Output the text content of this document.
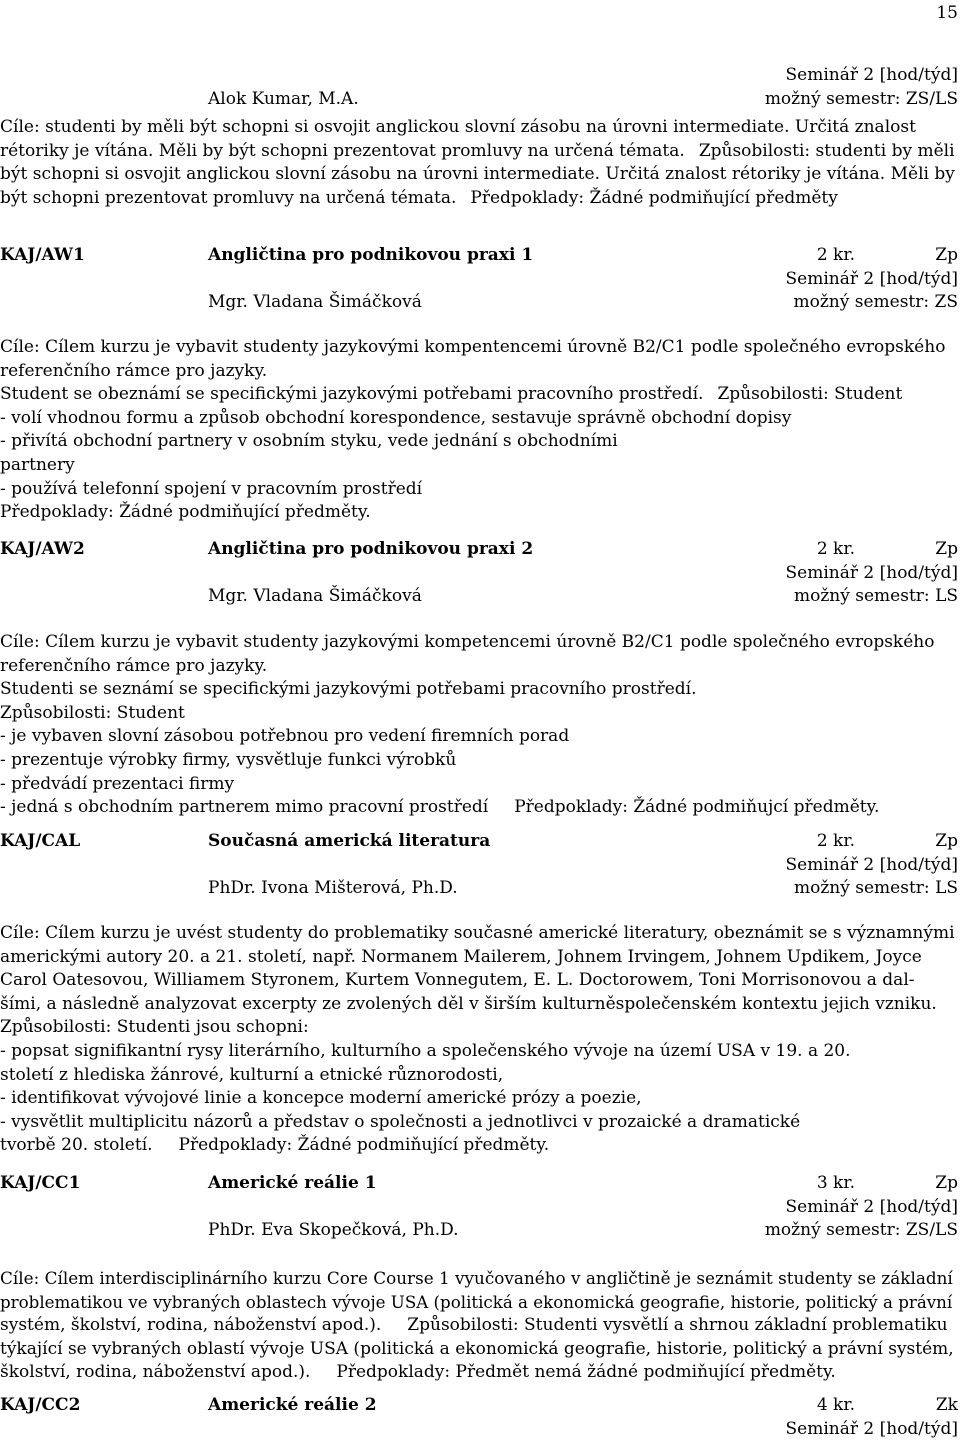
15
Seminář 2 [hod/týd]
Alok Kumar, M.A.	možný semestr: ZS/LS
Cíle: studenti by měli být schopni si osvojit anglickou slovní zásobu na úrovni intermediate. Určitá znalost
rétoriky je vítána. Měli by být schopni prezentovat promluvy na určená témata. Způsobilosti: studenti by měli
být schopni si osvojit anglickou slovní zásobu na úrovni intermediate. Určitá znalost rétoriky je vítána. Měli by
být schopni prezentovat promluvy na určená témata. Předpoklady: Žádné podmiňující předměty
KAJ/AW1	Angličtina pro podnikovou praxi 1	2 kr.	Zp
Seminář 2 [hod/týd]
Mgr. Vladana Šimáčková	možný semestr: ZS
Cíle: Cílem kurzu je vybavit studenty jazykovými kompentencemi úrovně B2/C1 podle společného evropského
referenčního rámce pro jazyky.
Student se obeznámí se specifickými jazykovými potřebami pracovního prostředí. Způsobilosti: Student
- volí vhodnou formu a způsob obchodní korespondence, sestavuje správně obchodní dopisy
- přivítá obchodní partnery v osobním styku, vede jednání s obchodními
partnery
- používá telefonní spojení v pracovním prostředí
Předpoklady: Žádné podmiňující předměty.
KAJ/AW2	Angličtina pro podnikovou praxi 2	2 kr.	Zp
Seminář 2 [hod/týd]
Mgr. Vladana Šimáčková	možný semestr: LS
Cíle: Cílem kurzu je vybavit studenty jazykovými kompetencemi úrovně B2/C1 podle společného evropského
referenčního rámce pro jazyky.
Studenti se seznámí se specifickými jazykovými potřebami pracovního prostředí.
Způsobilosti: Student
- je vybaven slovní zásobou potřebnou pro vedení firemních porad
- prezentuje výrobky firmy, vysvětluje funkci výrobků
- předvádí prezentaci firmy
- jedná s obchodním partnerem mimo pracovní prostředí Předpoklady: Žádné podmiňujcí předměty.
KAJ/CAL	Současná americká literatura	2 kr.	Zp
Seminář 2 [hod/týd]
PhDr. Ivona Mišterová, Ph.D.	možný semestr: LS
Cíle: Cílem kurzu je uvést studenty do problematiky současné americké literatury, obeznámit se s významnými
americkými autory 20. a 21. století, např. Normanem Mailerem, Johnem Irvingem, Johnem Updikem, Joyce
Carol Oatesovou, Williamem Styronem, Kurtem Vonnegutem, E. L. Doctorowem, Toni Morrisonovou a dal-
šími, a následně analyzovat excerpty ze zvolených děl v širším kulturněspolečenském kontextu jejich vzniku.
Způsobilosti: Studenti jsou schopni:
- popsat signifikantní rysy literárního, kulturního a společenského vývoje na území USA v 19. a 20.
století z hlediska žánrové, kulturní a etnické různorodosti,
- identifikovat vývojové linie a koncepce moderní americké prózy a poezie,
- vysvětlit multiplicitu názorů a představ o společnosti a jednotlivci v prozaické a dramatické
tvorbě 20. století. Předpoklady: Žádné podmiňující předměty.
KAJ/CC1	Americké reálie 1	3 kr.	Zp
Seminář 2 [hod/týd]
PhDr. Eva Skopečková, Ph.D.	možný semestr: ZS/LS
Cíle: Cílem interdisciplinárního kurzu Core Course 1 vyučovaného v angličtině je seznámit studenty se základní
problematikou ve vybraných oblastech vývoje USA (politická a ekonomická geografie, historie, politický a právní
systém, školství, rodina, náboženství apod.). Způsobilosti: Studenti vysvětlí a shrnou základní problematiku
týkající se vybraných oblastí vývoje USA (politická a ekonomická geografie, historie, politický a právní systém,
školství, rodina, náboženství apod.). Předpoklady: Předmět nemá žádné podmiňující předměty.
KAJ/CC2	Americké reálie 2	4 kr.	Zk
Seminář 2 [hod/týd]
